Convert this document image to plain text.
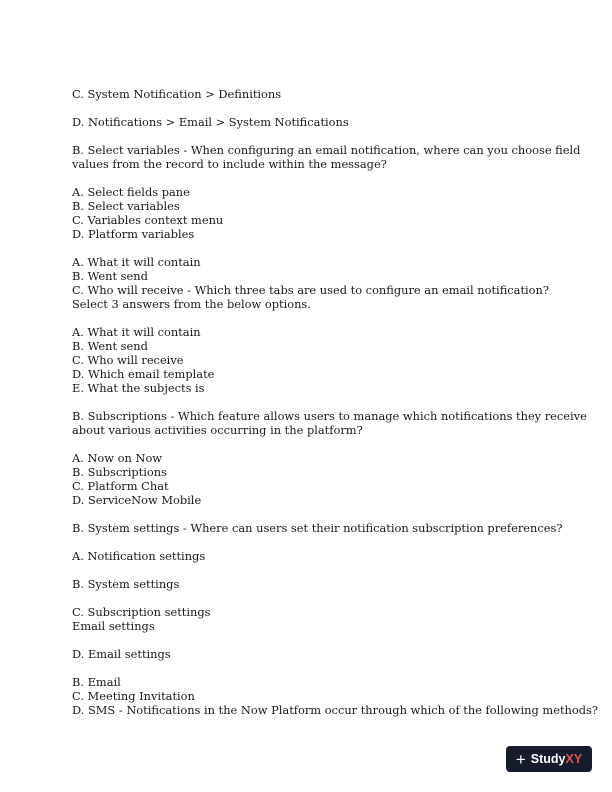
C. System Notification > Definitions
D. Notifications > Email > System Notifications
B. Select variables - When configuring an email notification, where can you choose field
values from the record to include within the message?
A. Select fields pane
B. Select variables
C. Variables context menu
D. Platform variables
A. What it will contain
B. Went send
C. Who will receive - Which three tabs are used to configure an email notification?
Select 3 answers from the below options.
A. What it will contain
B. Went send
C. Who will receive
D. Which email template
E. What the subjects is
B. Subscriptions - Which feature allows users to manage which notifications they receive
about various activities occurring in the platform?
A. Now on Now
B. Subscriptions
C. Platform Chat
D. ServiceNow Mobile
B. System settings - Where can users set their notification subscription preferences?
A. Notification settings
B. System settings
C. Subscription settings
Email settings
D. Email settings
B. Email
C. Meeting Invitation
D. SMS - Notifications in the Now Platform occur through which of the following methods?
+ Study XY
